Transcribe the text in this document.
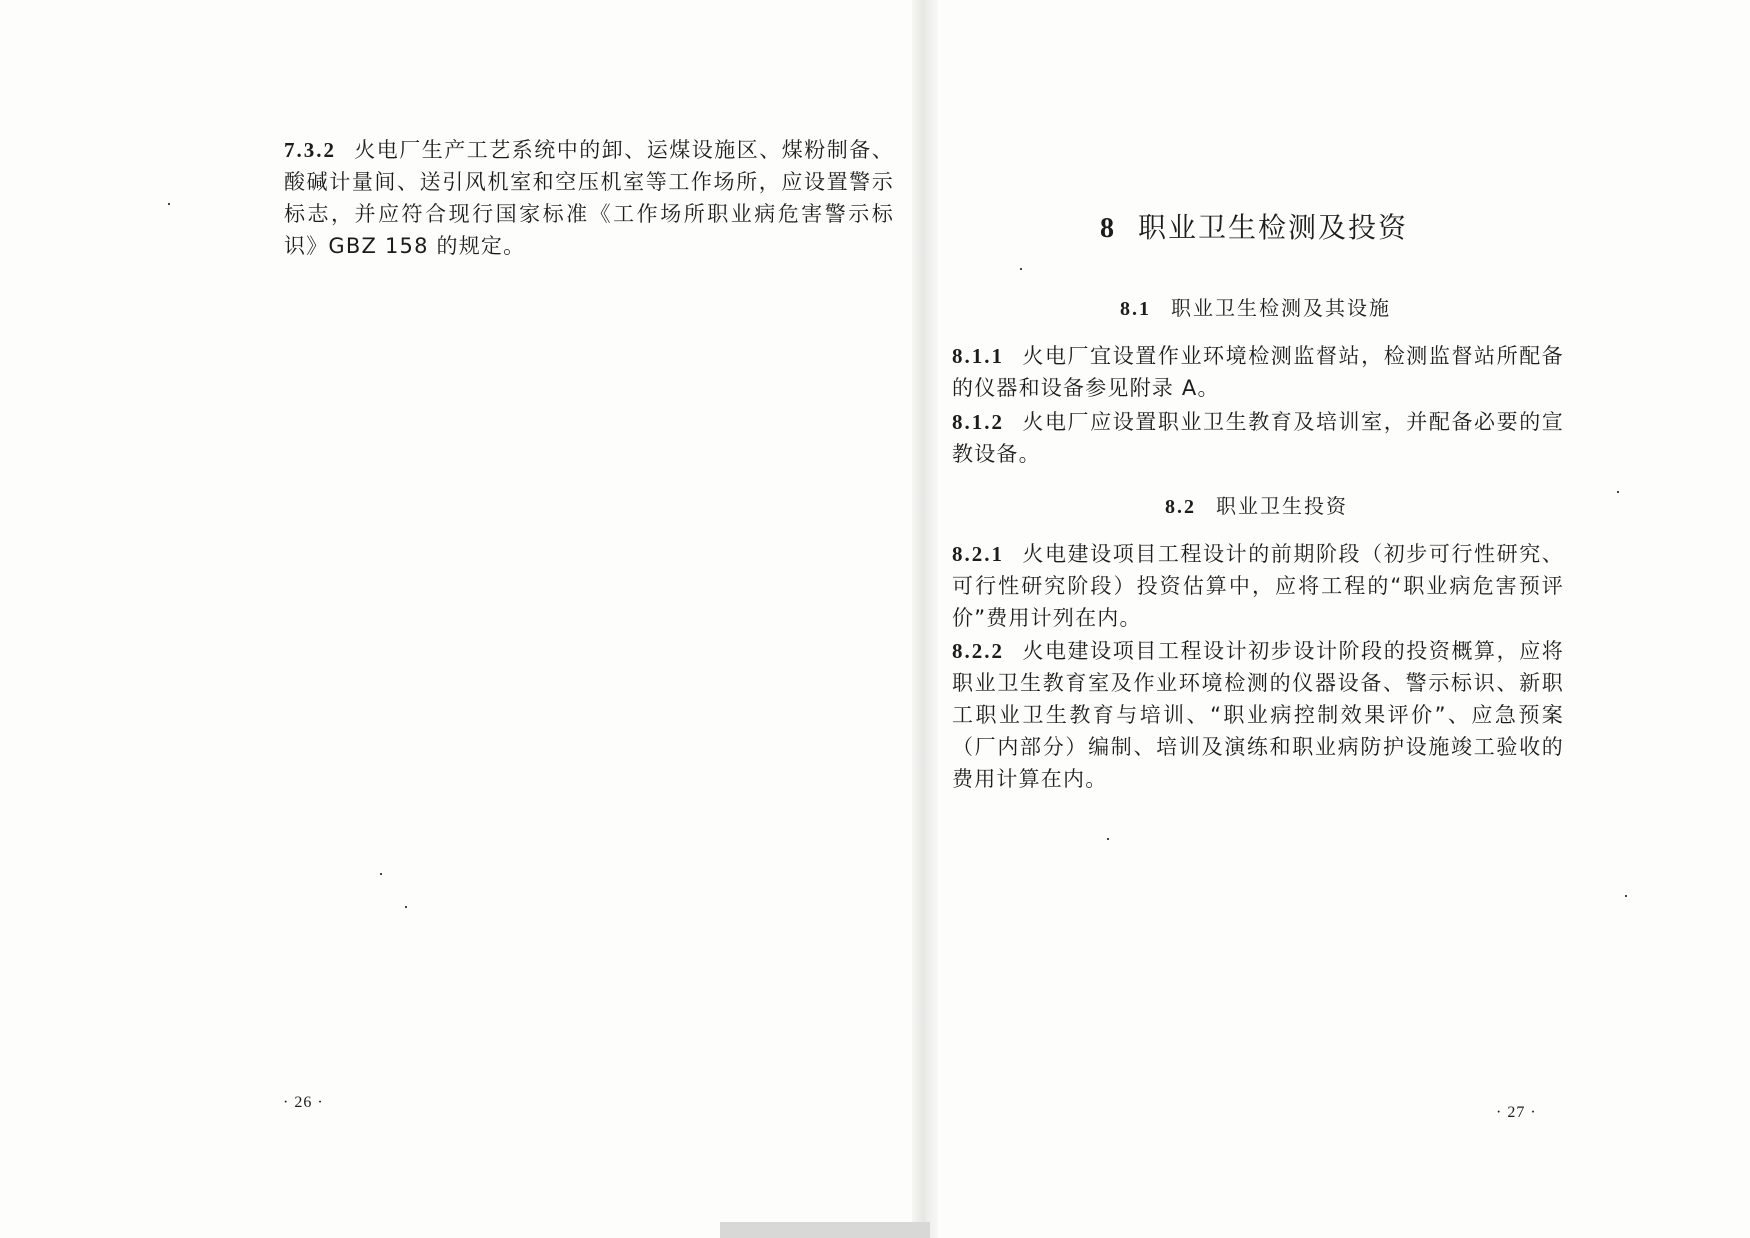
7.3.2 火电厂生产工艺系统中的卸、运煤设施区、煤粉制备、酸碱计量间、送引风机室和空压机室等工作场所，应设置警示标志，并应符合现行国家标准《工作场所职业病危害警示标识》GBZ 158 的规定。

· 26 ·
8 职业卫生检测及投资
8.1 职业卫生检测及其设施

8.1.1 火电厂宜设置作业环境检测监督站，检测监督站所配备的仪器和设备参见附录 A。

8.1.2 火电厂应设置职业卫生教育及培训室，并配备必要的宣教设备。

8.2 职业卫生投资

8.2.1 火电建设项目工程设计的前期阶段（初步可行性研究、可行性研究阶段）投资估算中，应将工程的“职业病危害预评价”费用计列在内。

8.2.2 火电建设项目工程设计初步设计阶段的投资概算，应将职业卫生教育室及作业环境检测的仪器设备、警示标识、新职工职业卫生教育与培训、“职业病控制效果评价”、应急预案（厂内部分）编制、培训及演练和职业病防护设施竣工验收的费用计算在内。

· 27 ·
